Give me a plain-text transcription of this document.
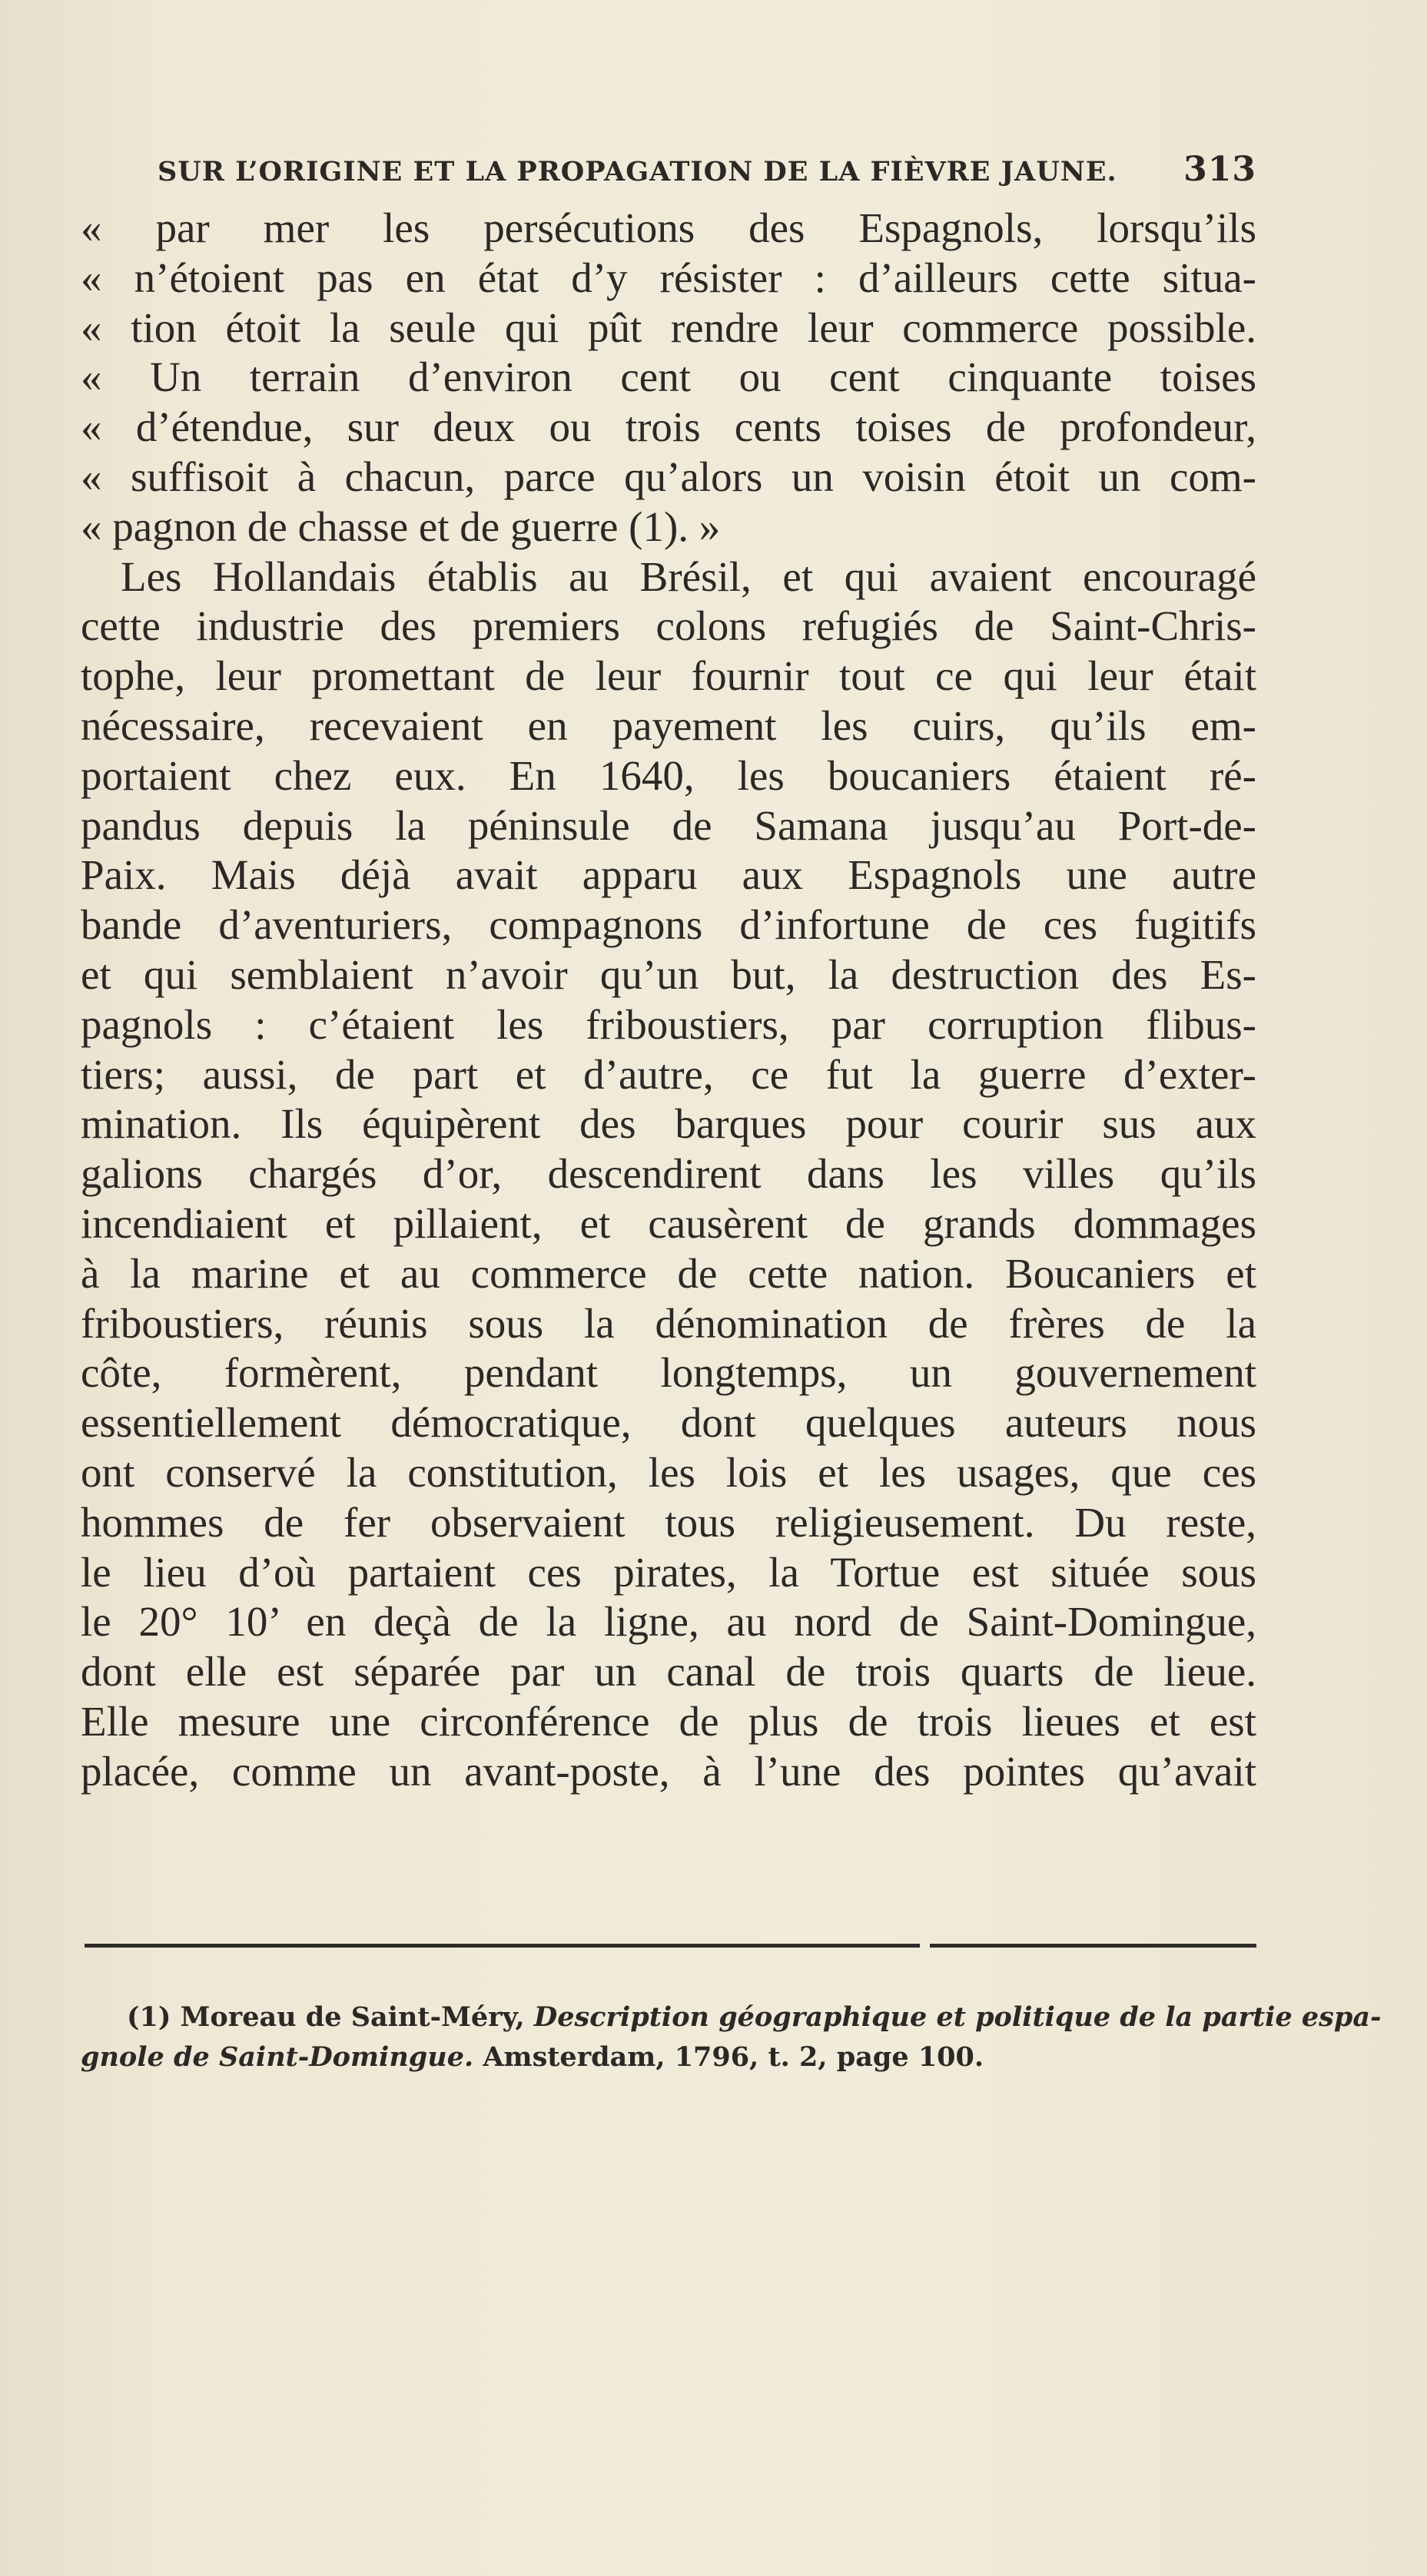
SUR L’ORIGINE ET LA PROPAGATION DE LA FIÈVRE JAUNE. 313
« par mer les persécutions des Espagnols, lorsqu’ils
« n’étoient pas en état d’y résister : d’ailleurs cette situa-
« tion étoit la seule qui pût rendre leur commerce possible.
« Un terrain d’environ cent ou cent cinquante toises
« d’étendue, sur deux ou trois cents toises de profondeur,
« suffisoit à chacun, parce qu’alors un voisin étoit un com-
« pagnon de chasse et de guerre (1). »
Les Hollandais établis au Brésil, et qui avaient encouragé
cette industrie des premiers colons refugiés de Saint-Chris-
tophe, leur promettant de leur fournir tout ce qui leur était
nécessaire, recevaient en payement les cuirs, qu’ils em-
portaient chez eux. En 1640, les boucaniers étaient ré-
pandus depuis la péninsule de Samana jusqu’au Port-de-
Paix. Mais déjà avait apparu aux Espagnols une autre
bande d’aventuriers, compagnons d’infortune de ces fugitifs
et qui semblaient n’avoir qu’un but, la destruction des Es-
pagnols : c’étaient les friboustiers, par corruption flibus-
tiers; aussi, de part et d’autre, ce fut la guerre d’exter-
mination. Ils équipèrent des barques pour courir sus aux
galions chargés d’or, descendirent dans les villes qu’ils
incendiaient et pillaient, et causèrent de grands dommages
à la marine et au commerce de cette nation. Boucaniers et
friboustiers, réunis sous la dénomination de frères de la
côte, formèrent, pendant longtemps, un gouvernement
essentiellement démocratique, dont quelques auteurs nous
ont conservé la constitution, les lois et les usages, que ces
hommes de fer observaient tous religieusement. Du reste,
le lieu d’où partaient ces pirates, la Tortue est située sous
le 20° 10’ en deçà de la ligne, au nord de Saint-Domingue,
dont elle est séparée par un canal de trois quarts de lieue.
Elle mesure une circonférence de plus de trois lieues et est
placée, comme un avant-poste, à l’une des pointes qu’avait
(1) Moreau de Saint-Méry, Description géographique et politique de la partie espa-
gnole de Saint-Domingue. Amsterdam, 1796, t. 2, page 100.
